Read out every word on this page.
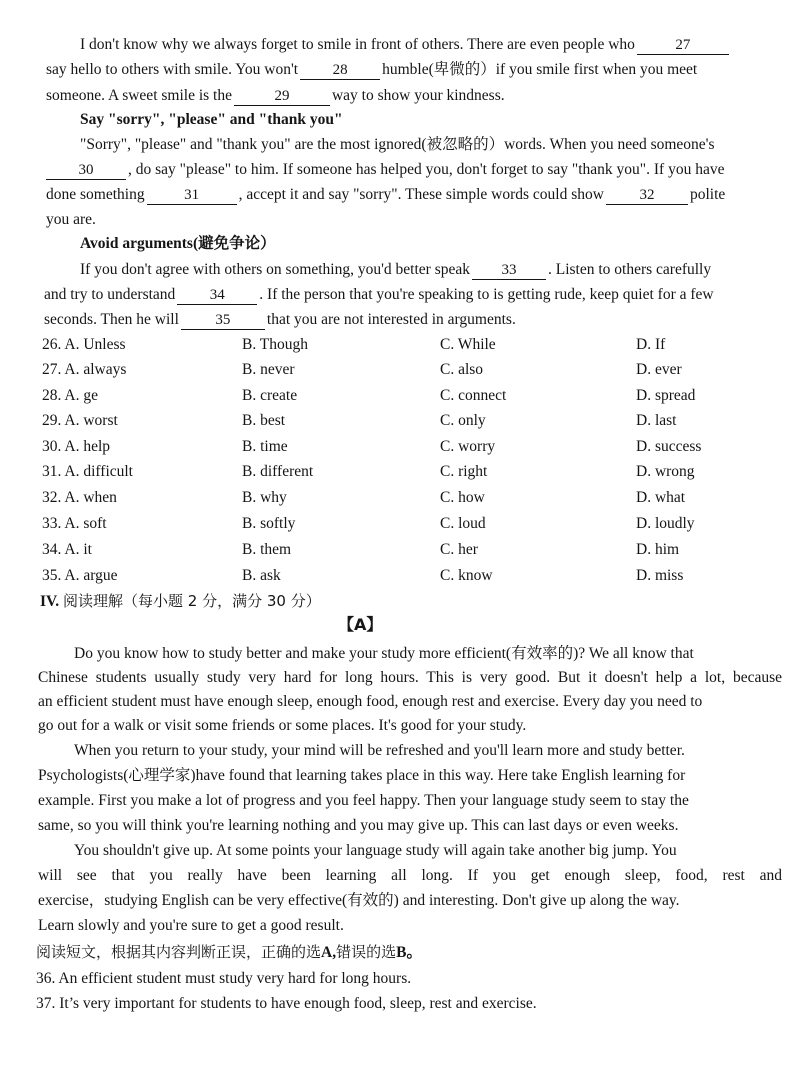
I don't know why we always forget to smile in front of others. There are even people who	27
say hello to others with smile. You won't 28 humble(卑微的）if you smile first when you meet
someone. A sweet smile is the	29	way to show your kindness.
Say "sorry", "please" and "thank you"
"Sorry", "please" and "thank you" are the most ignored(被忽略的）words. When you need someone's
30 , do say "please" to him. If someone has helped you, don't forget to say "thank you". If you have
done something	31	, accept it and say "sorry". These simple words could show 32 polite
you are.
Avoid arguments(避免争论）
If you don't agree with others on something, you'd better speak 33 . Listen to others carefully
and try to understand 34 . If the person that you're speaking to is getting rude, keep quiet for a few
seconds. Then he will 35 that you are not interested in arguments.
26. A. Unless	B. Though	C. While	D. If
27. A. always	B. never	C. also	D. ever
28. A. ge	B. create	C. connect	D. spread
29. A. worst	B. best	C. only	D. last
30. A. help	B. time	C. worry	D. success
31. A. difficult	B. different	C. right	D. wrong
32. A. when	B. why	C. how	D. what
33. A. soft	B. softly	C. loud	D. loudly
34. A. it	B. them	C. her	D. him
35. A. argue	B. ask	C. know	D. miss
IV. 阅读理解（每小题 2 分，满分 30 分）
【A】
Do you know how to study better and make your study more efficient(有效率的)? We all know that
Chinese students usually study very hard for long hours. This is very good. But it doesn't help a lot, because
an efficient student must have enough sleep, enough food, enough rest and exercise. Every day you need to
go out for a walk or visit some friends or some places. It's good for your study.
When you return to your study, your mind will be refreshed and you'll learn more and study better.
Psychologists(心理学家)have found that learning takes place in this way. Here take English learning for
example. First you make a lot of progress and you feel happy. Then your language study seem to stay the
same, so you will think you're learning nothing and you may give up. This can last days or even weeks.
You shouldn't give up. At some points your language study will again take another big jump. You
will see that you really have been learning all long. If you get enough sleep, food, rest and
exercise，studying English can be very effective(有效的) and interesting. Don't give up along the way.
Learn slowly and you're sure to get a good result.
阅读短文，根据其内容判断正误，正确的选A,错误的选B。
36. An efficient student must study very hard for long hours.
37. It’s very important for students to have enough food, sleep, rest and exercise.
